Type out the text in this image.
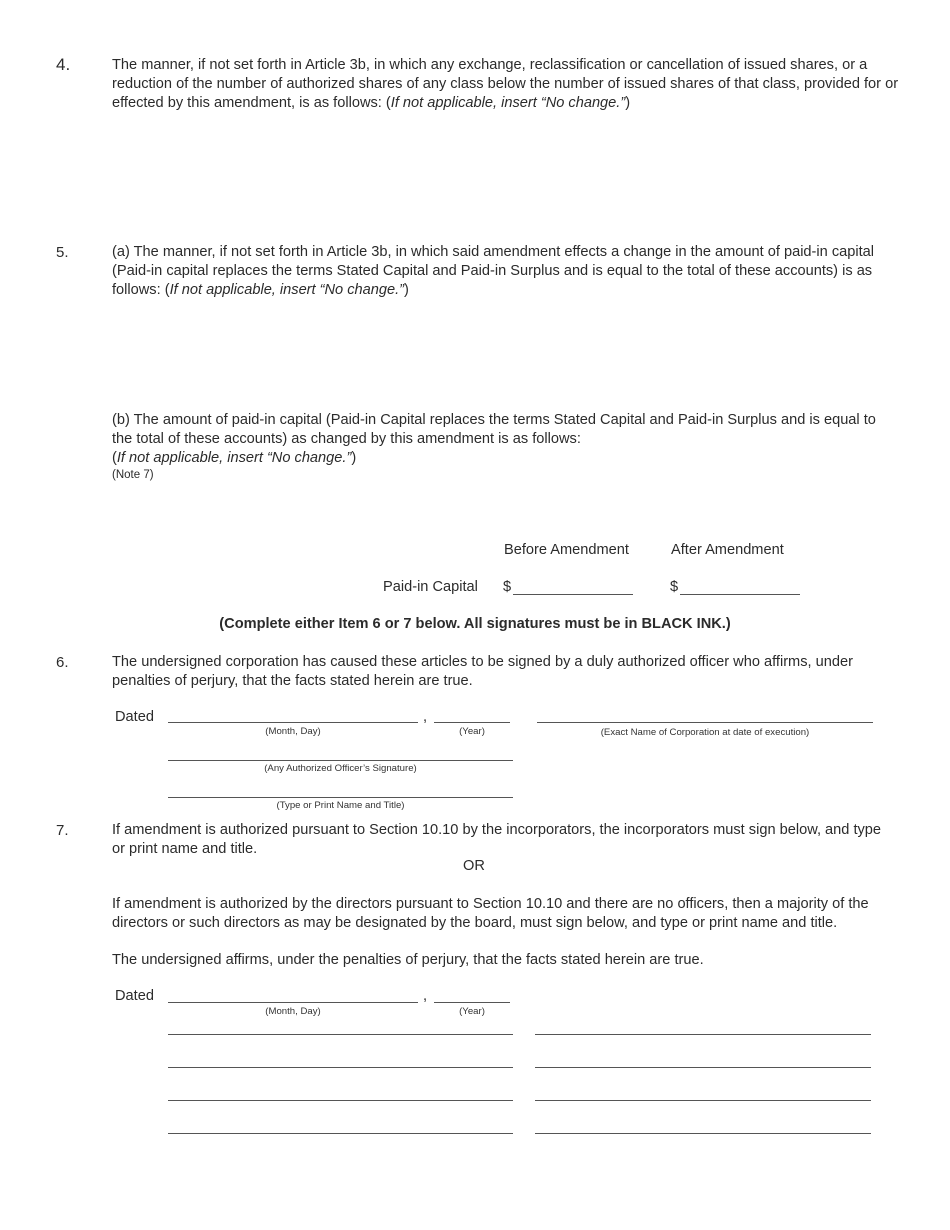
4.	The manner, if not set forth in Article 3b, in which any exchange, reclassification or cancellation of issued shares, or a reduction of the number of authorized shares of any class below the number of issued shares of that class, provided for or effected by this amendment, is as follows: (If not applicable, insert “No change.”)

5.	(a) The manner, if not set forth in Article 3b, in which said amendment effects a change in the amount of paid-in capital (Paid-in capital replaces the terms Stated Capital and Paid-in Surplus and is equal to the total of these accounts) is as follows: (If not applicable, insert “No change.”)

(b) The amount of paid-in capital (Paid-in Capital replaces the terms Stated Capital and Paid-in Surplus and is equal to the total of these accounts) as changed by this amendment is as follows:
(If not applicable, insert “No change.”)

(Note 7)
Before Amendment	After Amendment
Paid-in Capital $	$
(Complete either Item 6 or 7 below. All signatures must be in BLACK INK.)
6.	The undersigned corporation has caused these articles to be signed by a duly authorized officer who affirms, under penalties of perjury, that the facts stated herein are true.

Dated	,
(Month, Day)	(Year)	(Exact Name of Corporation at date of execution)
(Any Authorized Officer’s Signature)
(Type or Print Name and Title)
7.	If amendment is authorized pursuant to Section 10.10 by the incorporators, the incorporators must sign below, and type or print name and title.

OR

If amendment is authorized by the directors pursuant to Section 10.10 and there are no officers, then a majority of the directors or such directors as may be designated by the board, must sign below, and type or print name and title.

The undersigned affirms, under the penalties of perjury, that the facts stated herein are true.

Dated	,
(Month, Day)	(Year)
